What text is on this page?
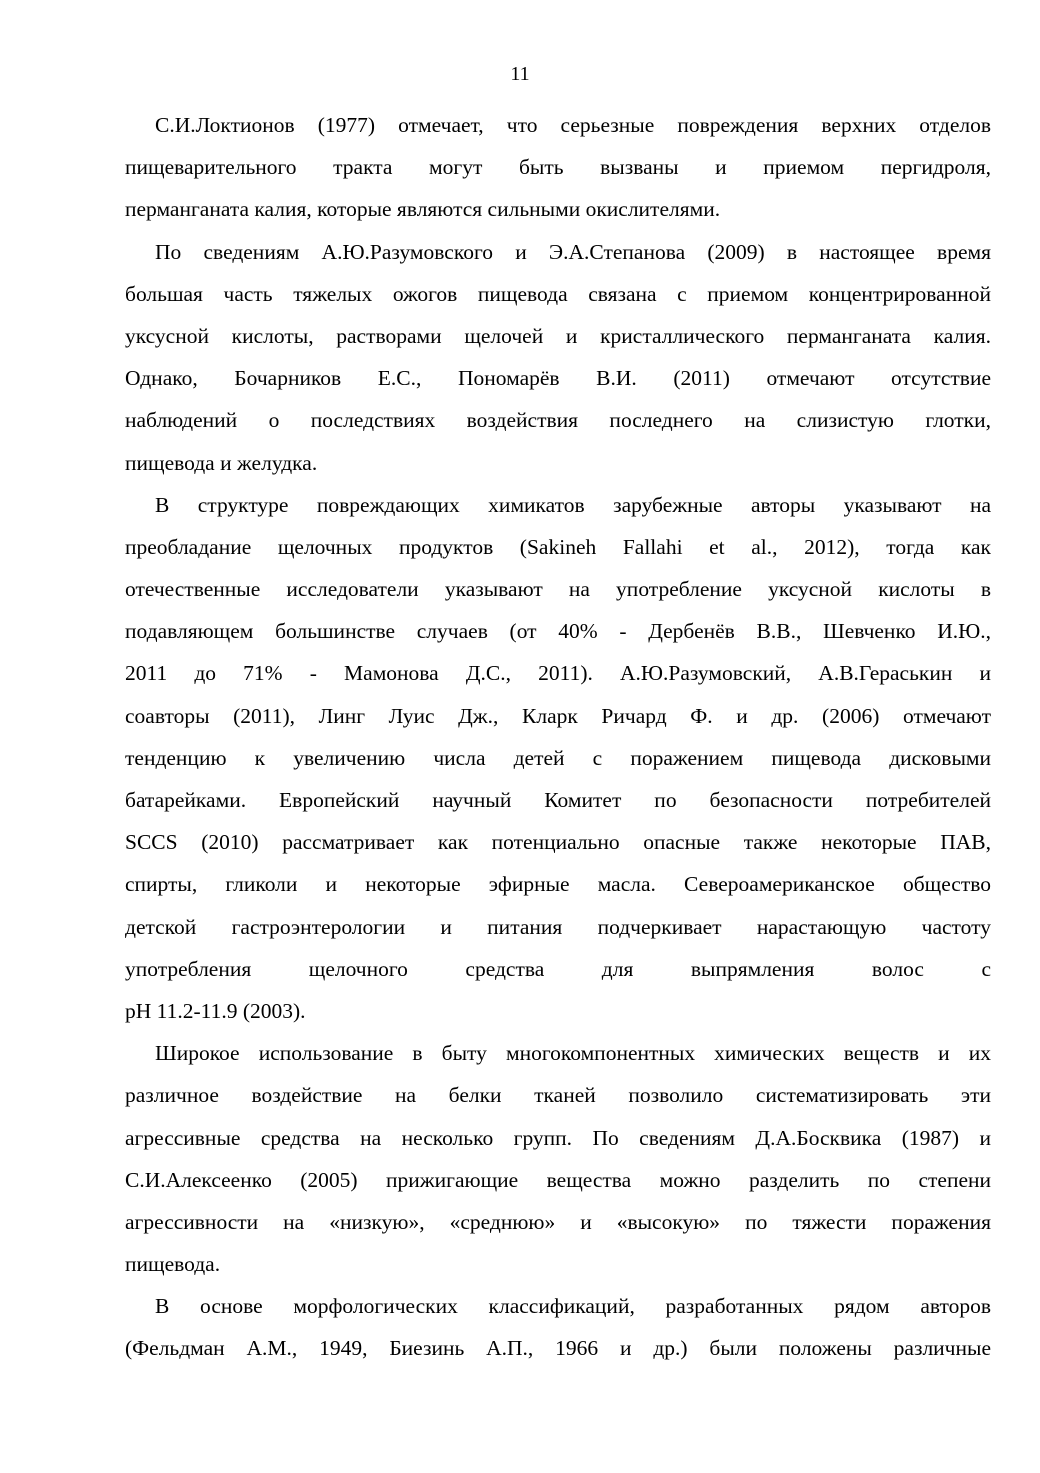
11
С.И.Локтионов (1977) отмечает, что серьезные повреждения верхних отделов
пищеварительного тракта могут быть вызваны и приемом пергидроля,
перманганата калия, которые являются сильными окислителями.
По сведениям А.Ю.Разумовского и Э.А.Степанова (2009) в настоящее время
большая часть тяжелых ожогов пищевода связана с приемом концентрированной
уксусной кислоты, растворами щелочей и кристаллического перманганата калия.
Однако, Бочарников Е.С., Пономарёв В.И. (2011) отмечают отсутствие
наблюдений о последствиях воздействия последнего на слизистую глотки,
пищевода и желудка.
В структуре повреждающих химикатов зарубежные авторы указывают на
преобладание щелочных продуктов (Sakineh Fallahi et al., 2012), тогда как
отечественные исследователи указывают на употребление уксусной кислоты в
подавляющем большинстве случаев (от 40% - Дербенёв В.В., Шевченко И.Ю.,
2011 до 71% - Мамонова Д.С., 2011). А.Ю.Разумовский, А.В.Гераськин и
соавторы (2011), Линг Луис Дж., Кларк Ричард Ф. и др. (2006) отмечают
тенденцию к увеличению числа детей с поражением пищевода дисковыми
батарейками. Европейский научный Комитет по безопасности потребителей
SCCS (2010) рассматривает как потенциально опасные также некоторые ПАВ,
спирты, гликоли и некоторые эфирные масла. Североамериканское общество
детской гастроэнтерологии и питания подчеркивает нарастающую частоту
употребления щелочного средства для выпрямления волос с
pH 11.2-11.9 (2003).
Широкое использование в быту многокомпонентных химических веществ и их
различное воздействие на белки тканей позволило систематизировать эти
агрессивные средства на несколько групп. По сведениям Д.А.Босквика (1987) и
С.И.Алексеенко (2005) прижигающие вещества можно разделить по степени
агрессивности на «низкую», «среднюю» и «высокую» по тяжести поражения
пищевода.
В основе морфологических классификаций, разработанных рядом авторов
(Фельдман А.М., 1949, Биезинь А.П., 1966 и др.) были положены различные
